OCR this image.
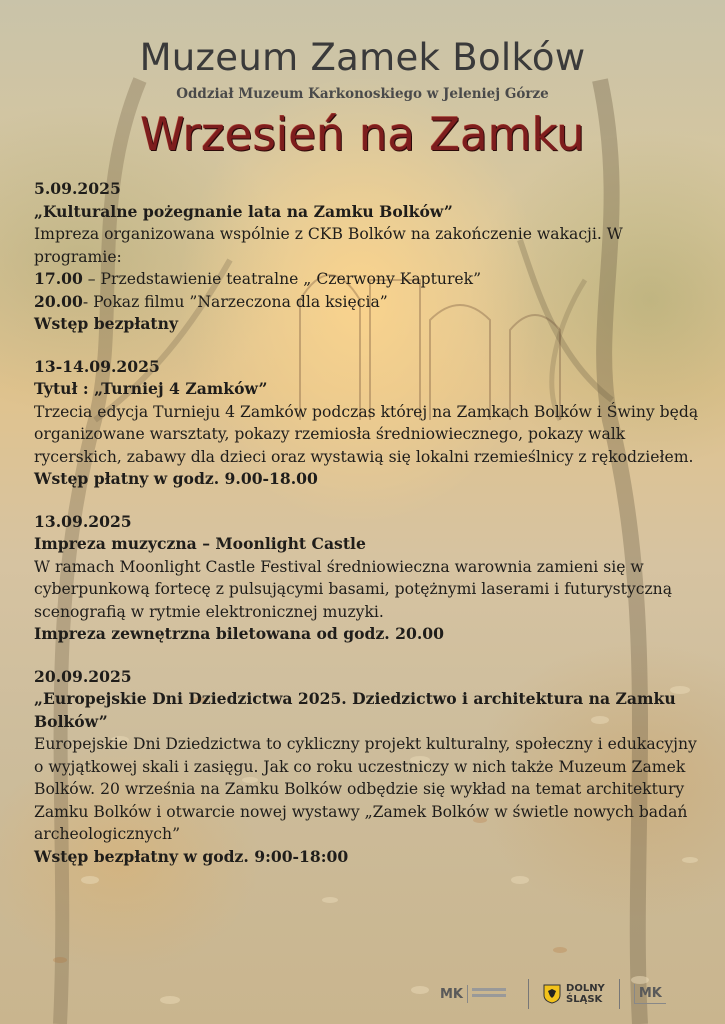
Muzeum Zamek Bolków
Oddział Muzeum Karkonoskiego w Jeleniej Górze
Wrzesień na Zamku

5.09.2025

„Kulturalne pożegnanie lata na Zamku Bolków”

Impreza organizowana wspólnie z CKB Bolków na zakończenie wakacji. W programie:

17.00 – Przedstawienie teatralne „ Czerwony Kapturek”

20.00- Pokaz filmu ”Narzeczona dla księcia”

Wstęp bezpłatny

13-14.09.2025

Tytuł : „Turniej 4 Zamków”

Trzecia edycja Turnieju 4 Zamków podczas której na Zamkach Bolków i Świny będą organizowane warsztaty, pokazy rzemiosła średniowiecznego, pokazy walk rycerskich, zabawy dla dzieci oraz wystawią się lokalni rzemieślnicy z rękodziełem.

Wstęp płatny w godz. 9.00-18.00

13.09.2025

Impreza muzyczna – Moonlight Castle

W ramach Moonlight Castle Festival średniowieczna warownia zamieni się w cyberpunkową fortecę z pulsującymi basami, potężnymi laserami i futurystyczną scenografią w rytmie elektronicznej muzyki.

Impreza zewnętrzna biletowana od godz. 20.00

20.09.2025

„Europejskie Dni Dziedzictwa 2025. Dziedzictwo i architektura na Zamku Bolków”

Europejskie Dni Dziedzictwa to cykliczny projekt kulturalny, społeczny i edukacyjny o wyjątkowej skali i zasięgu. Jak co roku uczestniczy w nich także Muzeum Zamek Bolków. 20 września na Zamku Bolków odbędzie się wykład na temat architektury Zamku Bolków i otwarcie nowej wystawy „Zamek Bolków w świetle nowych badań archeologicznych”

Wstęp bezpłatny w godz. 9:00-18:00

MK	DOLNY
ŚLĄSK	MK
